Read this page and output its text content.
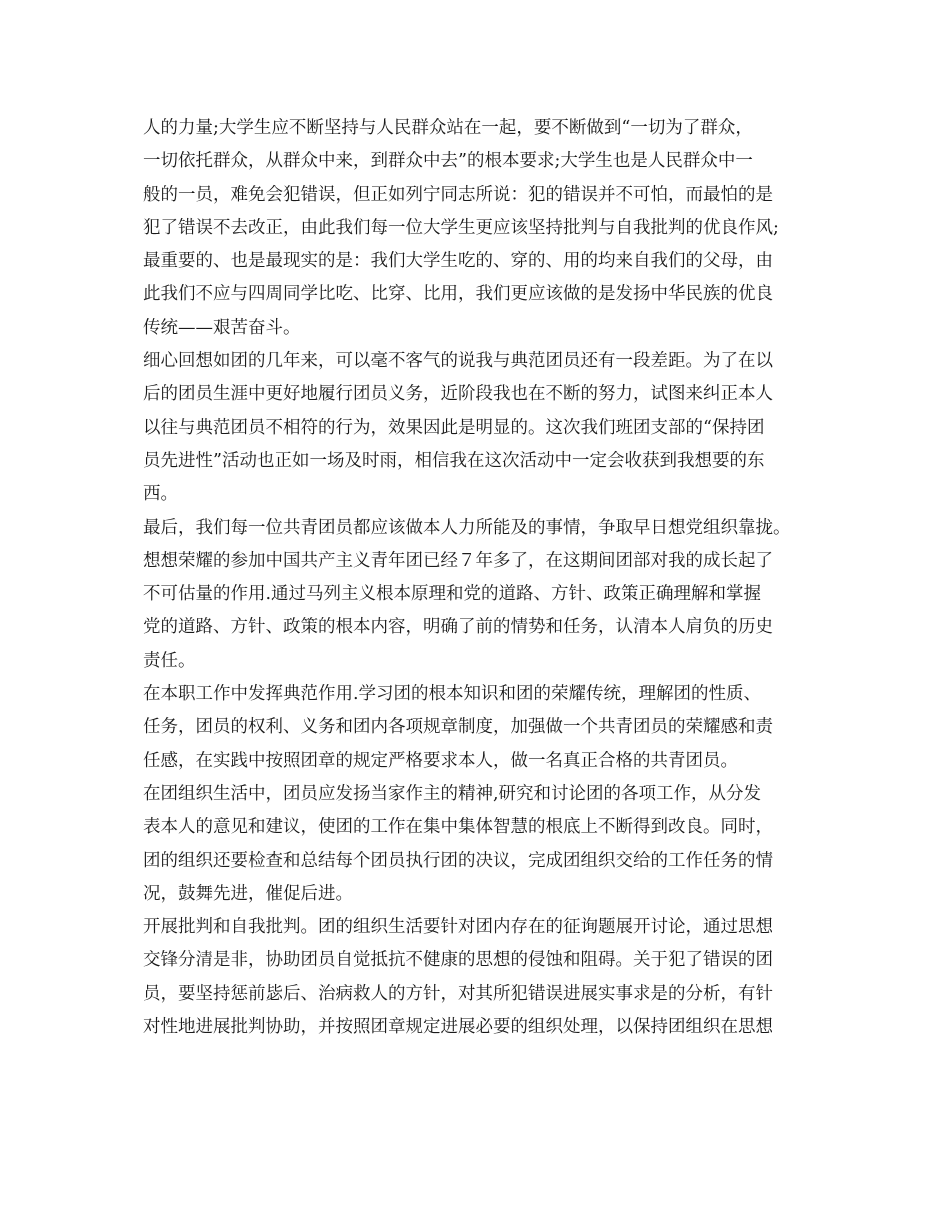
人的力量;大学生应不断坚持与人民群众站在一起，要不断做到“一切为了群众，
一切依托群众，从群众中来，到群众中去”的根本要求;大学生也是人民群众中一
般的一员，难免会犯错误，但正如列宁同志所说：犯的错误并不可怕，而最怕的是
犯了错误不去改正，由此我们每一位大学生更应该坚持批判与自我批判的优良作风;
最重要的、也是最现实的是：我们大学生吃的、穿的、用的均来自我们的父母，由
此我们不应与四周同学比吃、比穿、比用，我们更应该做的是发扬中华民族的优良
传统——艰苦奋斗。
细心回想如团的几年来，可以毫不客气的说我与典范团员还有一段差距。为了在以
后的团员生涯中更好地履行团员义务，近阶段我也在不断的努力，试图来纠正本人
以往与典范团员不相符的行为，效果因此是明显的。这次我们班团支部的“保持团
员先进性”活动也正如一场及时雨，相信我在这次活动中一定会收获到我想要的东
西。
最后，我们每一位共青团员都应该做本人力所能及的事情，争取早日想党组织靠拢。
想想荣耀的参加中国共产主义青年团已经７年多了，在这期间团部对我的成长起了
不可估量的作用.通过马列主义根本原理和党的道路、方针、政策正确理解和掌握
党的道路、方针、政策的根本内容，明确了前的情势和任务，认清本人肩负的历史
责任。
在本职工作中发挥典范作用.学习团的根本知识和团的荣耀传统，理解团的性质、
任务，团员的权利、义务和团内各项规章制度，加强做一个共青团员的荣耀感和责
任感，在实践中按照团章的规定严格要求本人，做一名真正合格的共青团员。
在团组织生活中，团员应发扬当家作主的精神,研究和讨论团的各项工作，从分发
表本人的意见和建议，使团的工作在集中集体智慧的根底上不断得到改良。同时，
团的组织还要检查和总结每个团员执行团的决议，完成团组织交给的工作任务的情
况，鼓舞先进，催促后进。
开展批判和自我批判。团的组织生活要针对团内存在的征询题展开讨论，通过思想
交锋分清是非，协助团员自觉抵抗不健康的思想的侵蚀和阻碍。关于犯了错误的团
员，要坚持惩前毖后、治病救人的方针，对其所犯错误进展实事求是的分析，有针
对性地进展批判协助，并按照团章规定进展必要的组织处理，以保持团组织在思想
